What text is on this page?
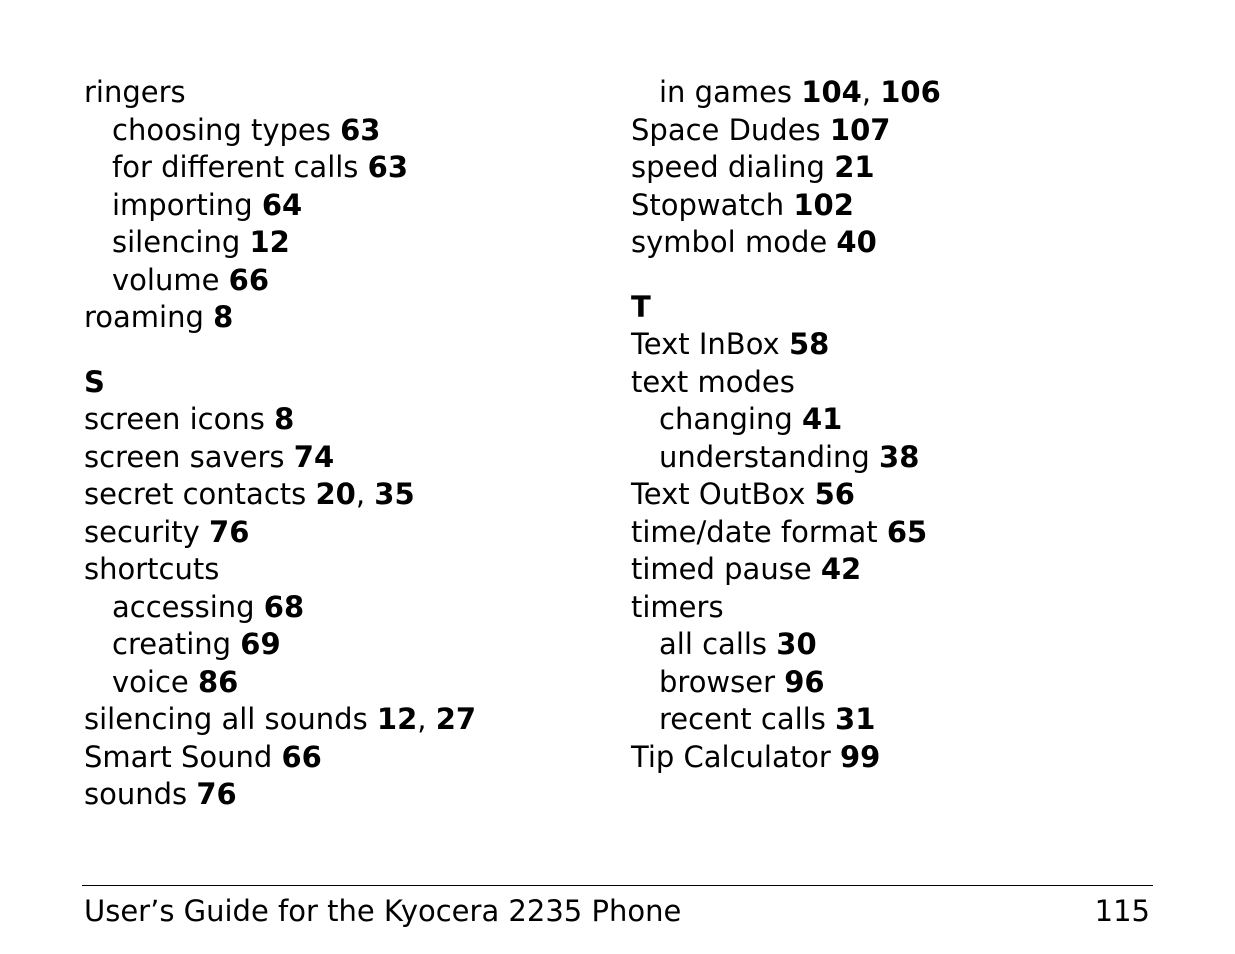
ringers
choosing types 63
for different calls 63
importing 64
silencing 12
volume 66
roaming 8
S
screen icons 8
screen savers 74
secret contacts 20, 35
security 76
shortcuts
accessing 68
creating 69
voice 86
silencing all sounds 12, 27
Smart Sound 66
sounds 76
in games 104, 106
Space Dudes 107
speed dialing 21
Stopwatch 102
symbol mode 40
T
Text InBox 58
text modes
changing 41
understanding 38
Text OutBox 56
time/date format 65
timed pause 42
timers
all calls 30
browser 96
recent calls 31
Tip Calculator 99
User’s Guide for the Kyocera 2235 Phone	115
